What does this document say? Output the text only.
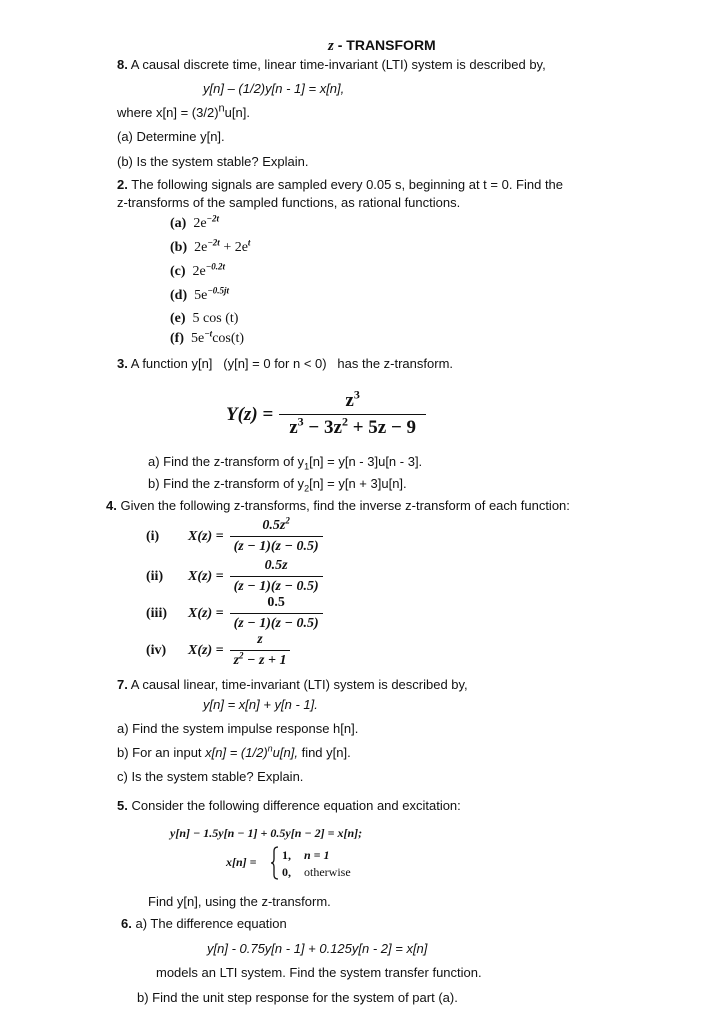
z - TRANSFORM
8. A causal discrete time, linear time-invariant (LTI) system is described by,
y[n] – (1/2)y[n - 1] = x[n],
where $x[n] = (3/2)^nu[n]$.
(a) Determine y[n].
(b) Is the system stable? Explain.
2. The following signals are sampled every 0.05 s, beginning at t = 0. Find the
z-transforms of the sampled functions, as rational functions.
(a) $2e^{-2t}$
(b) $2e^{-2t} + 2e^t$
(c) $2e^{-0.2t}$
(d) $5e^{-0.5jt}$
(e) 5 cos (t)
(f) $5e^{-t}\cos(t)$
3. A function y[n]   (y[n] = 0 for n < 0)   has the z-transform.
$Y(z) = \frac{z^3}{z^3 - 3z^2 + 5z - 9}$
a) Find the z-transform of $y_1[n] = y[n - 3]u[n - 3]$.
b) Find the z-transform of $y_2[n] = y[n + 3]u[n]$.
4. Given the following z-transforms, find the inverse z-transform of each function:
(i)	$X(z) = \frac{0.5z^2}{(z - 1)(z - 0.5)}$
(ii)	$X(z) = \frac{0.5z}{(z - 1)(z - 0.5)}$
(iii)	$X(z) = \frac{0.5}{(z - 1)(z - 0.5)}$
(iv)	$X(z) = \frac{z}{z^2 - z + 1}$
7. A causal linear, time-invariant (LTI) system is described by,
y[n] = x[n] + y[n - 1].
a) Find the system impulse response h[n].
b) For an input $x[n] = (1/2)^nu[n]$, find y[n].
c) Is the system stable? Explain.
5. Consider the following difference equation and excitation:
y[n] − 1.5y[n − 1] + 0.5y[n − 2] = x[n];
x[n] = 1, n = 1
0, otherwise
Find y[n], using the z-transform.
6. a) The difference equation
y[n] - 0.75y[n - 1] + 0.125y[n - 2] = x[n]
models an LTI system. Find the system transfer function.
b) Find the unit step response for the system of part (a).
